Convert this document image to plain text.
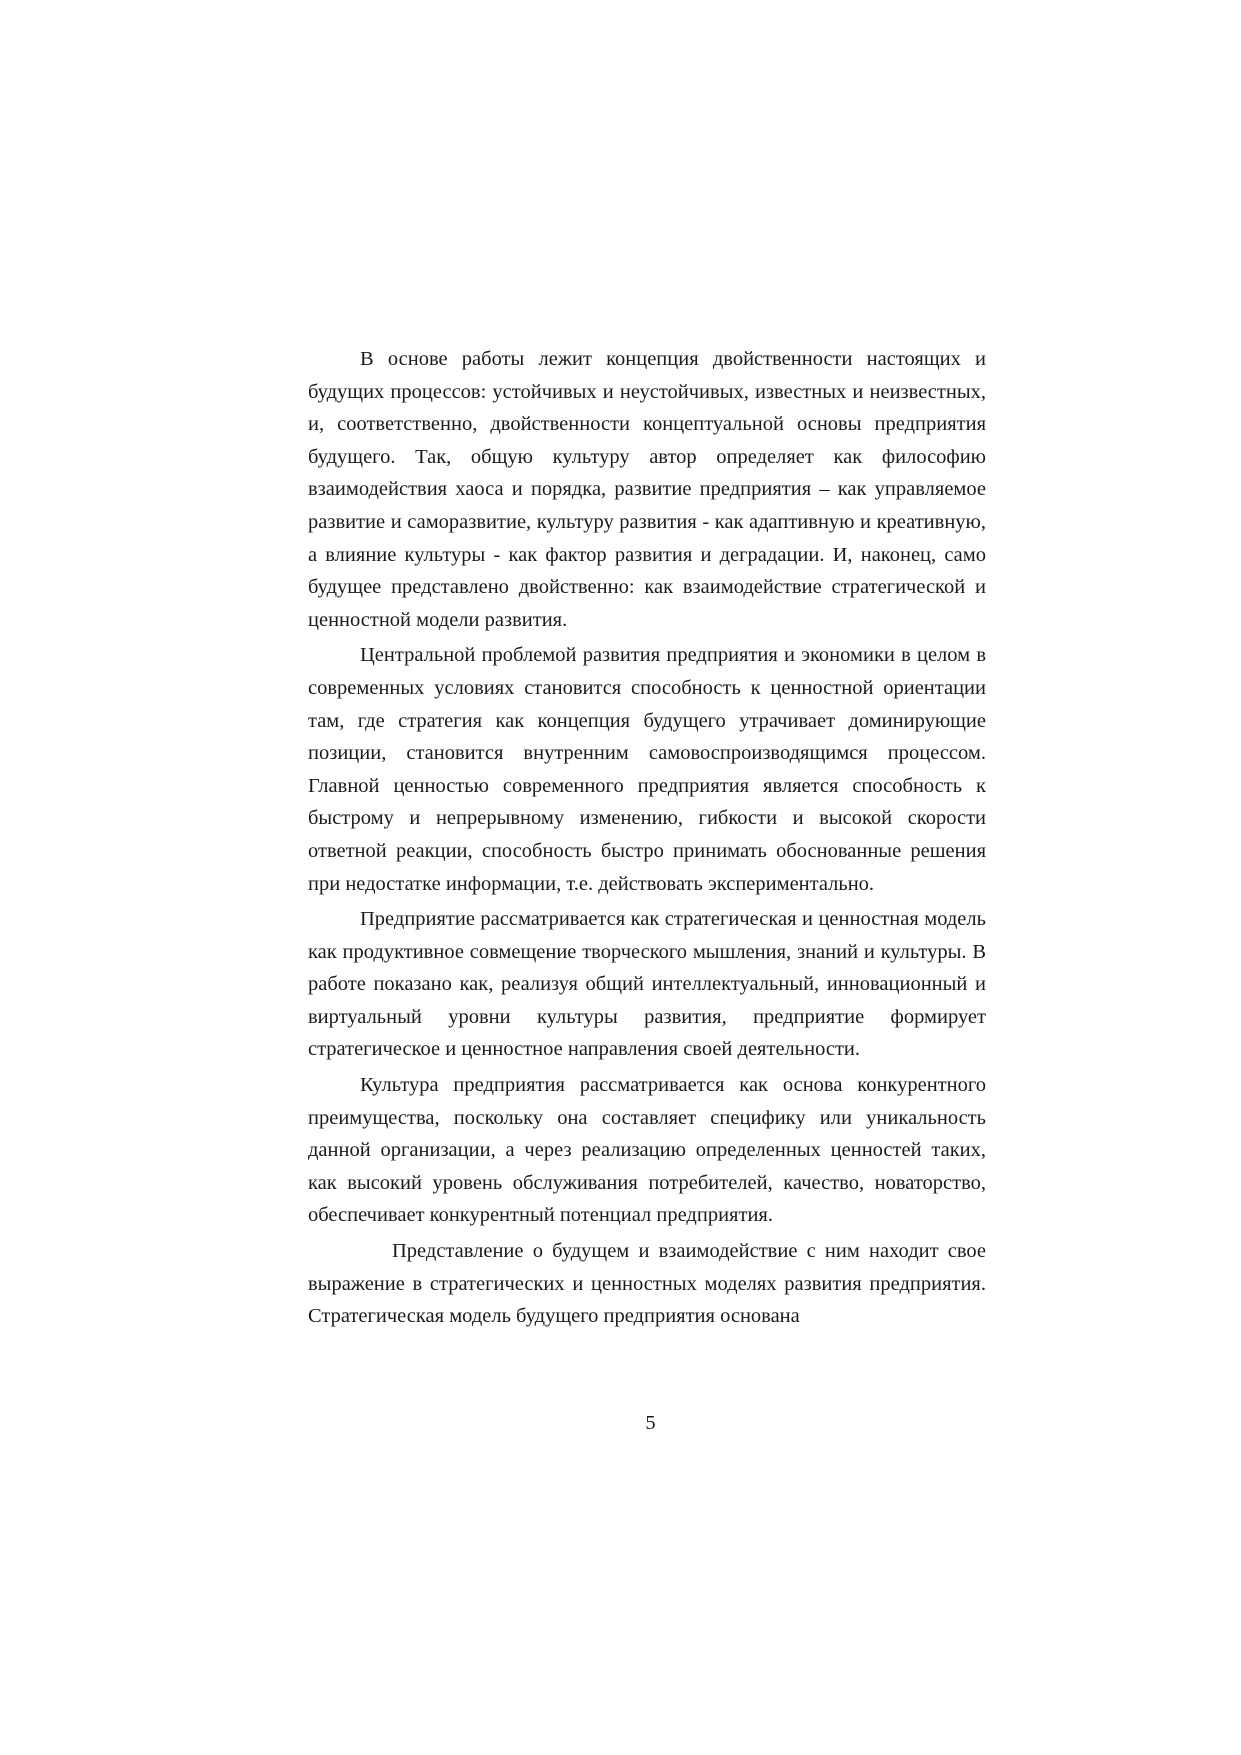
В основе работы лежит концепция двойственности настоящих и будущих процессов: устойчивых и неустойчивых, известных и неизвестных, и, соответственно, двойственности концептуальной основы предприятия будущего. Так, общую культуру автор определяет как философию взаимодействия хаоса и порядка, развитие предприятия – как управляемое развитие и саморазвитие, культуру развития - как адаптивную и креативную, а влияние культуры - как фактор развития и деградации. И, наконец, само будущее представлено двойственно: как взаимодействие стратегической и ценностной модели развития.

Центральной проблемой развития предприятия и экономики в целом в современных условиях становится способность к ценностной ориентации там, где стратегия как концепция будущего утрачивает доминирующие позиции, становится внутренним самовоспроизводящимся процессом. Главной ценностью современного предприятия является способность к быстрому и непрерывному изменению, гибкости и высокой скорости ответной реакции, способность быстро принимать обоснованные решения при недостатке информации, т.е. действовать экспериментально.

Предприятие рассматривается как стратегическая и ценностная модель как продуктивное совмещение творческого мышления, знаний и культуры. В работе показано как, реализуя общий интеллектуальный, инновационный и виртуальный уровни культуры развития, предприятие формирует стратегическое и ценностное направления своей деятельности.

Культура предприятия рассматривается как основа конкурентного преимущества, поскольку она составляет специфику или уникальность данной организации, а через реализацию определенных ценностей таких, как высокий уровень обслуживания потребителей, качество, новаторство, обеспечивает конкурентный потенциал предприятия.

Представление о будущем и взаимодействие с ним находит свое выражение в стратегических и ценностных моделях развития предприятия. Стратегическая модель будущего предприятия основана

5
